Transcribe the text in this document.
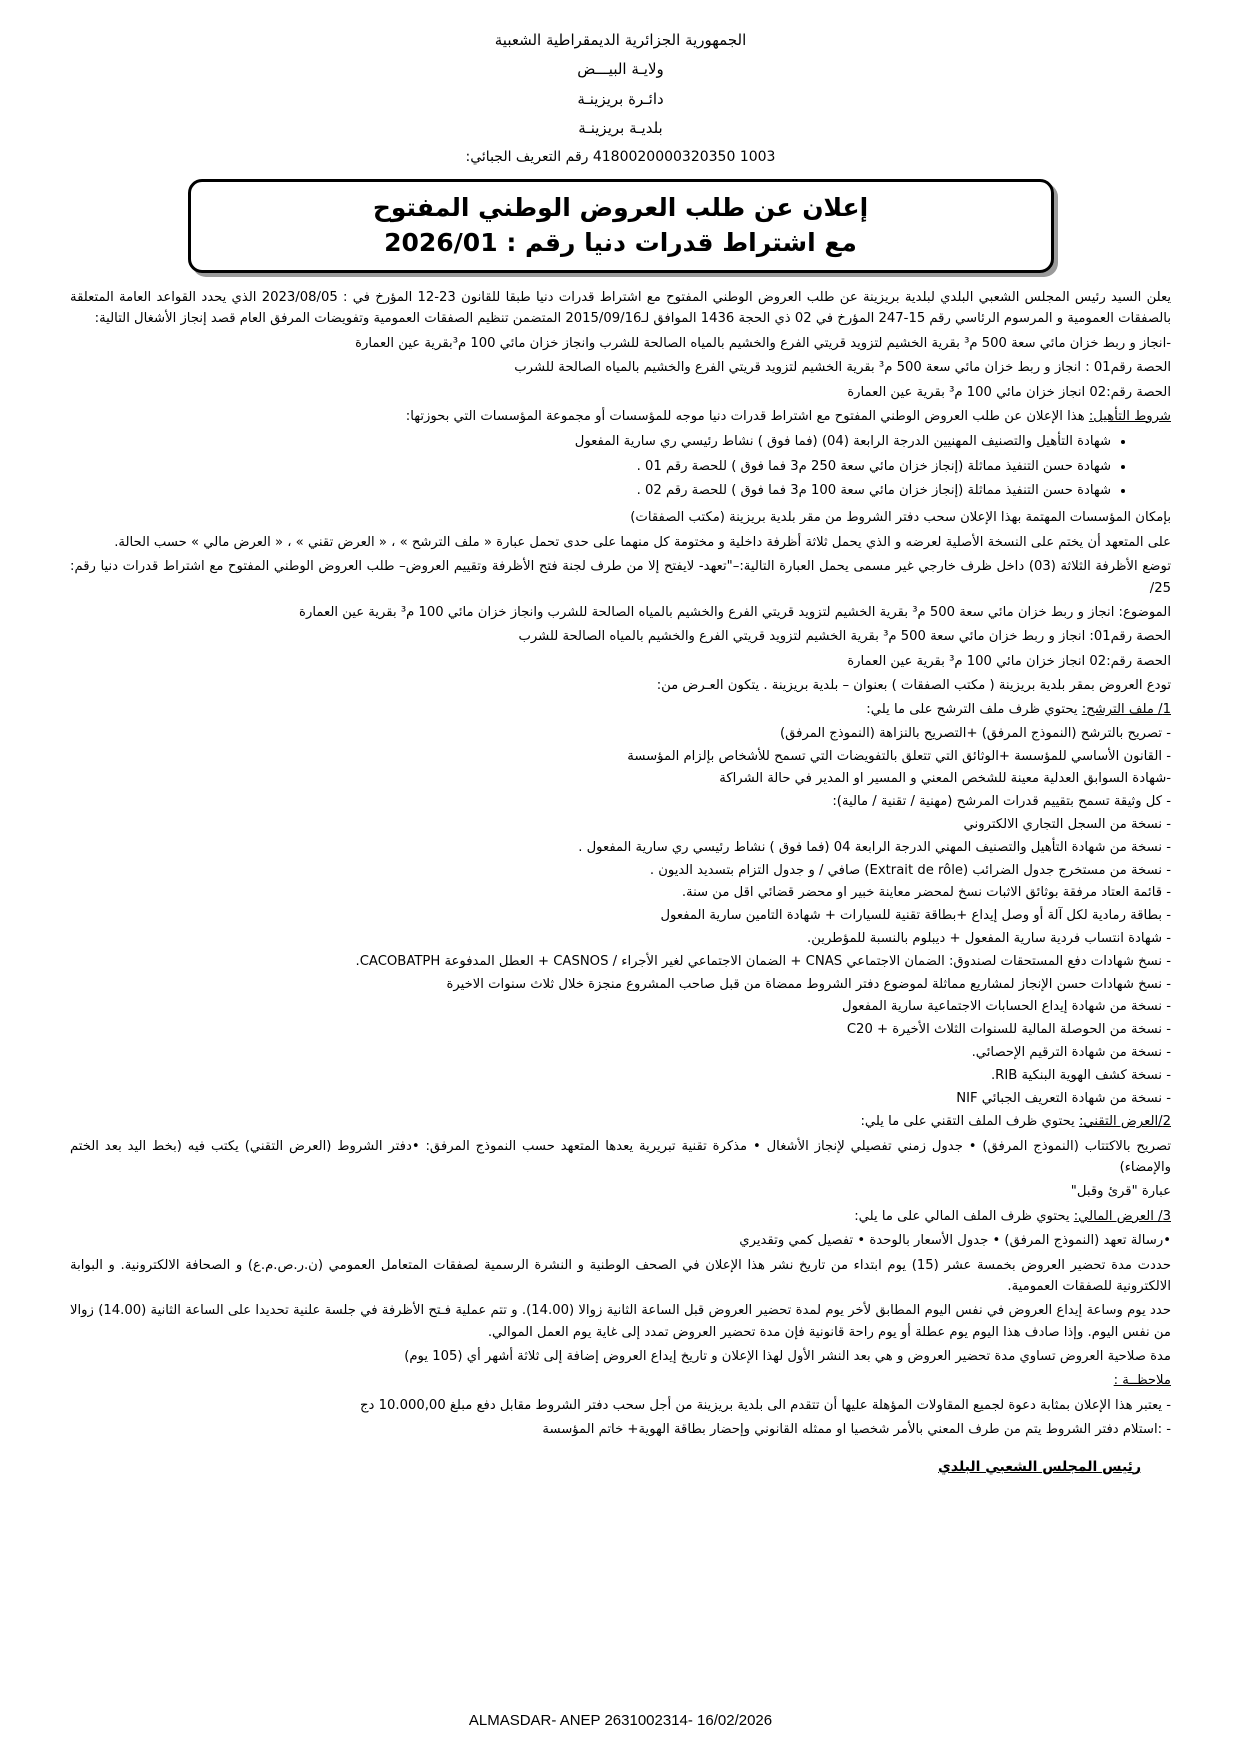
الجمهورية الجزائرية الديمقراطية الشعبية
ولايـة البيـــض
دائـرة بريزينـة
بلديـة بريزينـة
4180020000320350 1003 رقم التعريف الجبائي:
إعلان عن طلب العروض الوطني المفتوح
مع اشتراط قدرات دنيا رقم : 2026/01

يعلن السيد رئيس المجلس الشعبي البلدي لبلدية بريزينة عن طلب العروض الوطني المفتوح مع اشتراط قدرات دنيا طبقا للقانون 23-12 المؤرخ في : 2023/08/05 الذي يحدد القواعد العامة المتعلقة بالصفقات العمومية و المرسوم الرئاسي رقم 15-247 المؤرخ في 02 ذي الحجة 1436 الموافق لـ2015/09/16 المتضمن تنظيم الصفقات العمومية وتفويضات المرفق العام قصد إنجاز الأشغال التالية:

-انجاز و ربط خزان مائي سعة 500 م³ بقرية الخشيم لتزويد قريتي الفرع والخشيم بالمياه الصالحة للشرب وانجاز خزان مائي 100 م³بقرية عين العمارة

الحصة رقم01 : انجاز و ربط خزان مائي سعة 500 م³ بقرية الخشيم لتزويد قريتي الفرع والخشيم بالمياه الصالحة للشرب

الحصة رقم:02 انجاز خزان مائي 100 م³ بقرية عين العمارة

شروط التأهيل: هذا الإعلان عن طلب العروض الوطني المفتوح مع اشتراط قدرات دنيا موجه للمؤسسات أو مجموعة المؤسسات التي بحوزتها:

• شهادة التأهيل والتصنيف المهنيين الدرجة الرابعة (04) (فما فوق ) نشاط رئيسي ري سارية المفعول
• شهادة حسن التنفيذ مماثلة (إنجاز خزان مائي سعة 250 م3 فما فوق ) للحصة رقم 01 .
• شهادة حسن التنفيذ مماثلة (إنجاز خزان مائي سعة 100 م3 فما فوق ) للحصة رقم 02 .

بإمكان المؤسسات المهتمة بهذا الإعلان سحب دفتر الشروط من مقر بلدية بريزينة (مكتب الصفقات)

على المتعهد أن يختم على النسخة الأصلية لعرضه و الذي يحمل ثلاثة أظرفة داخلية و مختومة كل منهما على حدى تحمل عبارة « ملف الترشح » ، « العرض تقني » ، « العرض مالي » حسب الحالة.

توضع الأظرفة الثلاثة (03) داخل ظرف خارجي غير مسمى يحمل العبارة التالية:–"تعهد- لايفتح إلا من طرف لجنة فتح الأظرفة وتقييم العروض– طلب العروض الوطني المفتوح مع اشتراط قدرات دنيا رقم: 25/

الموضوع: انجاز و ربط خزان مائي سعة 500 م³ بقرية الخشيم لتزويد قريتي الفرع والخشيم بالمياه الصالحة للشرب وانجاز خزان مائي 100 م³ بقرية عين العمارة

الحصة رقم01: انجاز و ربط خزان مائي سعة 500 م³ بقرية الخشيم لتزويد قريتي الفرع والخشيم بالمياه الصالحة للشرب

الحصة رقم:02 انجاز خزان مائي 100 م³ بقرية عين العمارة

تودع العروض بمقر بلدية بريزينة ( مكتب الصفقات ) بعنوان – بلدية بريزينة . يتكون العـرض من:

1/ ملف الترشح: يحتوي ظرف ملف الترشح على ما يلي:

- تصريح بالترشح (النموذج المرفق) +التصريح بالنزاهة (النموذج المرفق)

- القانون الأساسي للمؤسسة +الوثائق التي تتعلق بالتفويضات التي تسمح للأشخاص بإلزام المؤسسة

-شهادة السوابق العدلية معينة للشخص المعني و المسير او المدير في حالة الشراكة

- كل وثيقة تسمح بتقييم قدرات المرشح (مهنية / تقنية / مالية):

- نسخة من السجل التجاري الالكتروني

- نسخة من شهادة التأهيل والتصنيف المهني الدرجة الرابعة 04 (فما فوق ) نشاط رئيسي ري سارية المفعول .

- نسخة من مستخرج جدول الضرائب (Extrait de rôle) صافي / و جدول التزام بتسديد الديون .

- قائمة العتاد مرفقة بوثائق الاثبات نسخ لمحضر معاينة خبير او محضر قضائي اقل من سنة.

- بطاقة رمادية لكل آلة أو وصل إيداع +بطاقة تقنية للسيارات + شهادة التامين سارية المفعول

- شهادة انتساب فردية سارية المفعول + ديبلوم بالنسبة للمؤطرين.

- نسخ شهادات دفع المستحقات لصندوق: الضمان الاجتماعي CNAS + الضمان الاجتماعي لغير الأجراء / CASNOS + العطل المدفوعة CACOBATPH.

- نسخ شهادات حسن الإنجاز لمشاريع مماثلة لموضوع دفتر الشروط ممضاة من قبل صاحب المشروع منجزة خلال ثلاث سنوات الاخيرة

- نسخة من شهادة إيداع الحسابات الاجتماعية سارية المفعول

- نسخة من الحوصلة المالية للسنوات الثلاث الأخيرة + C20

- نسخة من شهادة الترقيم الإحصائي.

- نسخة كشف الهوية البنكية RIB.

- نسخة من شهادة التعريف الجبائي NIF

2/العرض التقني: يحتوي ظرف الملف التقني على ما يلي:

تصريح بالاكتتاب (النموذج المرفق) • جدول زمني تفصيلي لإنجاز الأشغال • مذكرة تقنية تبريرية يعدها المتعهد حسب النموذج المرفق: •دفتر الشروط (العرض التقني) يكتب فيه (بخط اليد بعد الختم والإمضاء)

عبارة "قرئ وقبل"

3/ العرض المالي: يحتوي ظرف الملف المالي على ما يلي:

•رسالة تعهد (النموذج المرفق) • جدول الأسعار بالوحدة • تفصيل كمي وتقديري

حددت مدة تحضير العروض بخمسة عشر (15) يوم ابتداء من تاريخ نشر هذا الإعلان في الصحف الوطنية و النشرة الرسمية لصفقات المتعامل العمومي (ن.ر.ص.م.ع) و الصحافة الالكترونية. و البوابة الالكترونية للصفقات العمومية.

حدد يوم وساعة إيداع العروض في نفس اليوم المطابق لأخر يوم لمدة تحضير العروض قبل الساعة الثانية زوالا (14.00). و تتم عملية فـتح الأظرفة في جلسة علنية تحديدا على الساعة الثانية (14.00) زوالا من نفس اليوم. وإذا صادف هذا اليوم يوم عطلة أو يوم راحة قانونية فإن مدة تحضير العروض تمدد إلى غاية يوم العمل الموالي.

مدة صلاحية العروض تساوي مدة تحضير العروض و هي بعد النشر الأول لهذا الإعلان و تاريخ إيداع العروض إضافة إلى ثلاثة أشهر أي (105 يوم)

ملاحظــة :

- يعتبر هذا الإعلان بمثابة دعوة لجميع المقاولات المؤهلة عليها أن تتقدم الى بلدية بريزينة من أجل سحب دفتر الشروط مقابل دفع مبلغ 10.000,00 دج

- :استلام دفتر الشروط يتم من طرف المعني بالأمر شخصيا او ممثله القانوني وإحضار بطاقة الهوية+ خاتم المؤسسة

رئيس المجلس الشعبي البلدي
ALMASDAR- ANEP 2631002314- 16/02/2026
